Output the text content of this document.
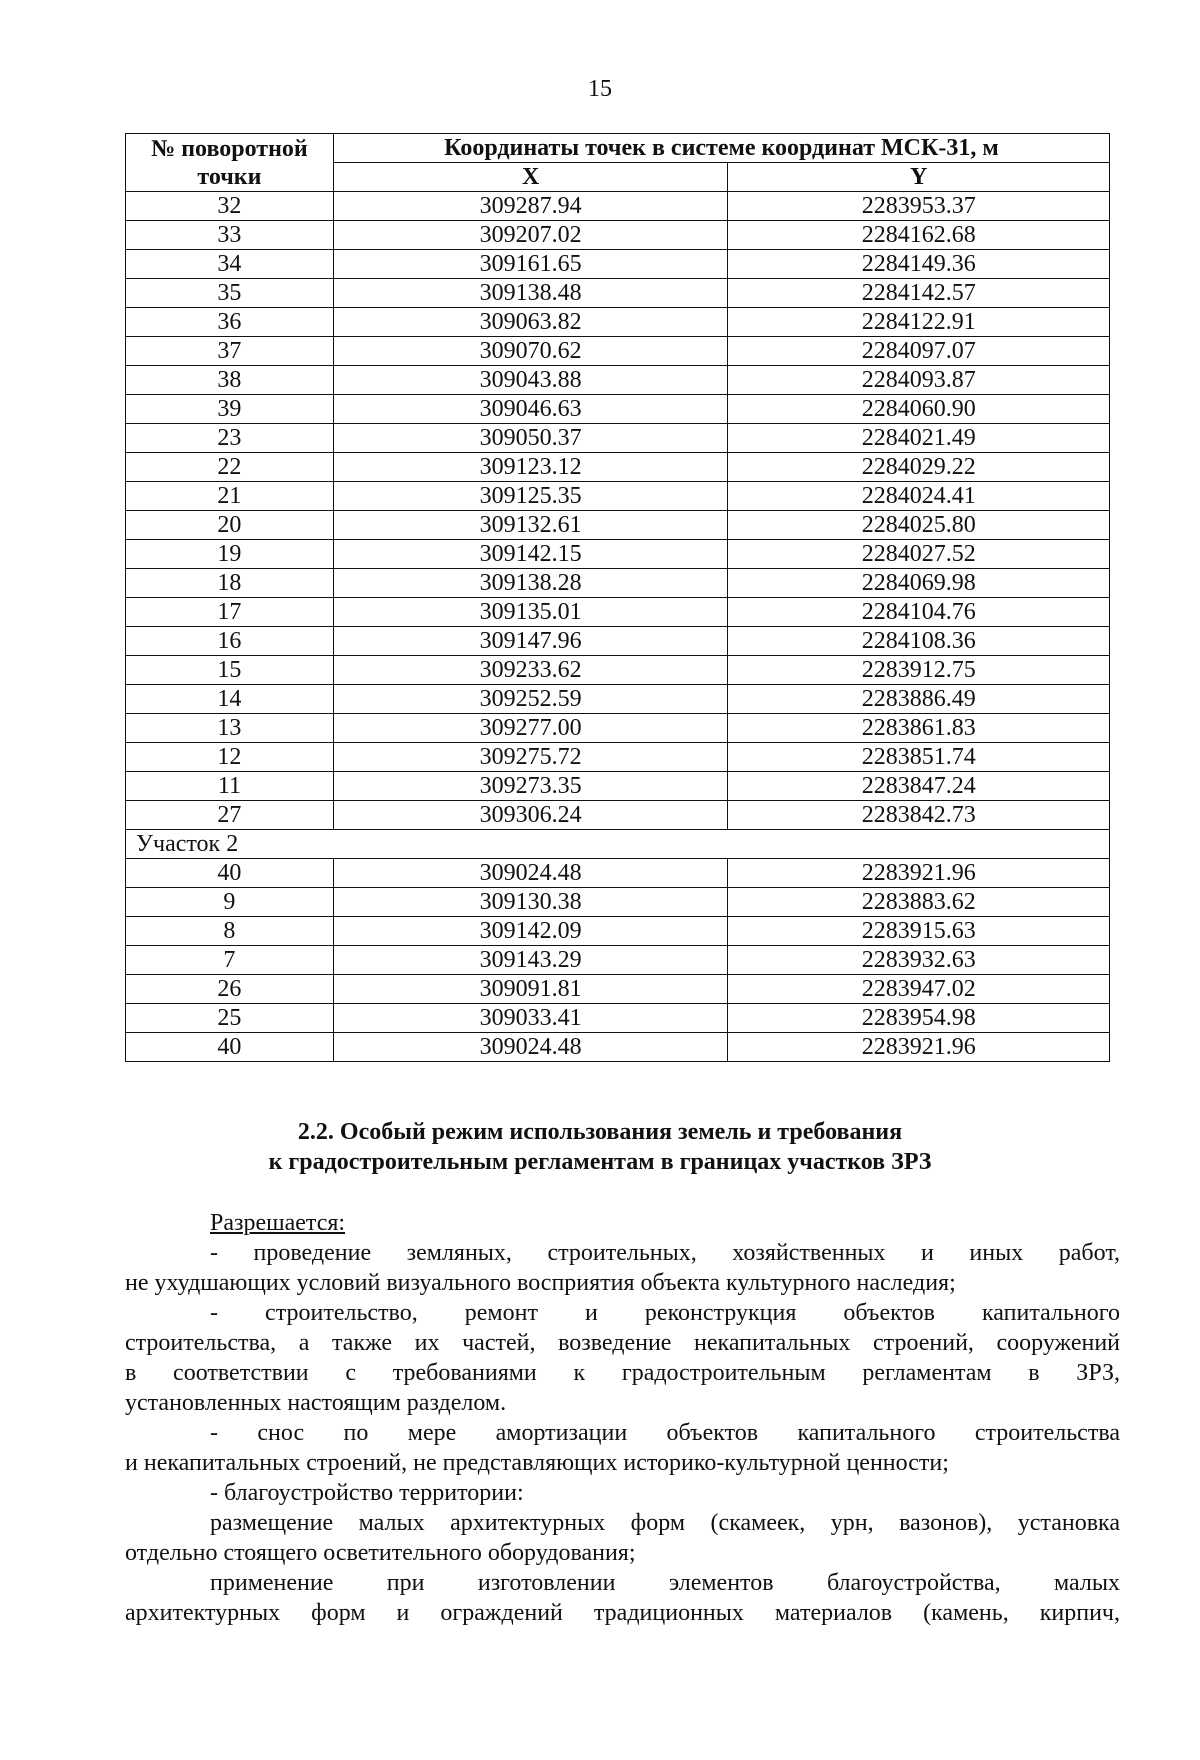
15
№ поворотной точки	Координаты точек в системе координат МСК-31, м	
	X	Y
32	309287.94	2283953.37
33	309207.02	2284162.68
34	309161.65	2284149.36
35	309138.48	2284142.57
36	309063.82	2284122.91
37	309070.62	2284097.07
38	309043.88	2284093.87
39	309046.63	2284060.90
23	309050.37	2284021.49
22	309123.12	2284029.22
21	309125.35	2284024.41
20	309132.61	2284025.80
19	309142.15	2284027.52
18	309138.28	2284069.98
17	309135.01	2284104.76
16	309147.96	2284108.36
15	309233.62	2283912.75
14	309252.59	2283886.49
13	309277.00	2283861.83
12	309275.72	2283851.74
11	309273.35	2283847.24
27	309306.24	2283842.73
Участок 2		
40	309024.48	2283921.96
9	309130.38	2283883.62
8	309142.09	2283915.63
7	309143.29	2283932.63
26	309091.81	2283947.02
25	309033.41	2283954.98
40	309024.48	2283921.96
2.2. Особый режим использования земель и требования
к градостроительным регламентам в границах участков ЗРЗ
Разрешается:
- проведение земляных, строительных, хозяйственных и иных работ,
не ухудшающих условий визуального восприятия объекта культурного наследия;
- строительство, ремонт и реконструкция объектов капитального
строительства, а также их частей, возведение некапитальных строений, сооружений
в соответствии с требованиями к градостроительным регламентам в ЗРЗ,
установленных настоящим разделом.
- снос по мере амортизации объектов капитального строительства
и некапитальных строений, не представляющих историко-культурной ценности;
- благоустройство территории:
размещение малых архитектурных форм (скамеек, урн, вазонов), установка
отдельно стоящего осветительного оборудования;
применение при изготовлении элементов благоустройства, малых
архитектурных форм и ограждений традиционных материалов (камень, кирпич,
